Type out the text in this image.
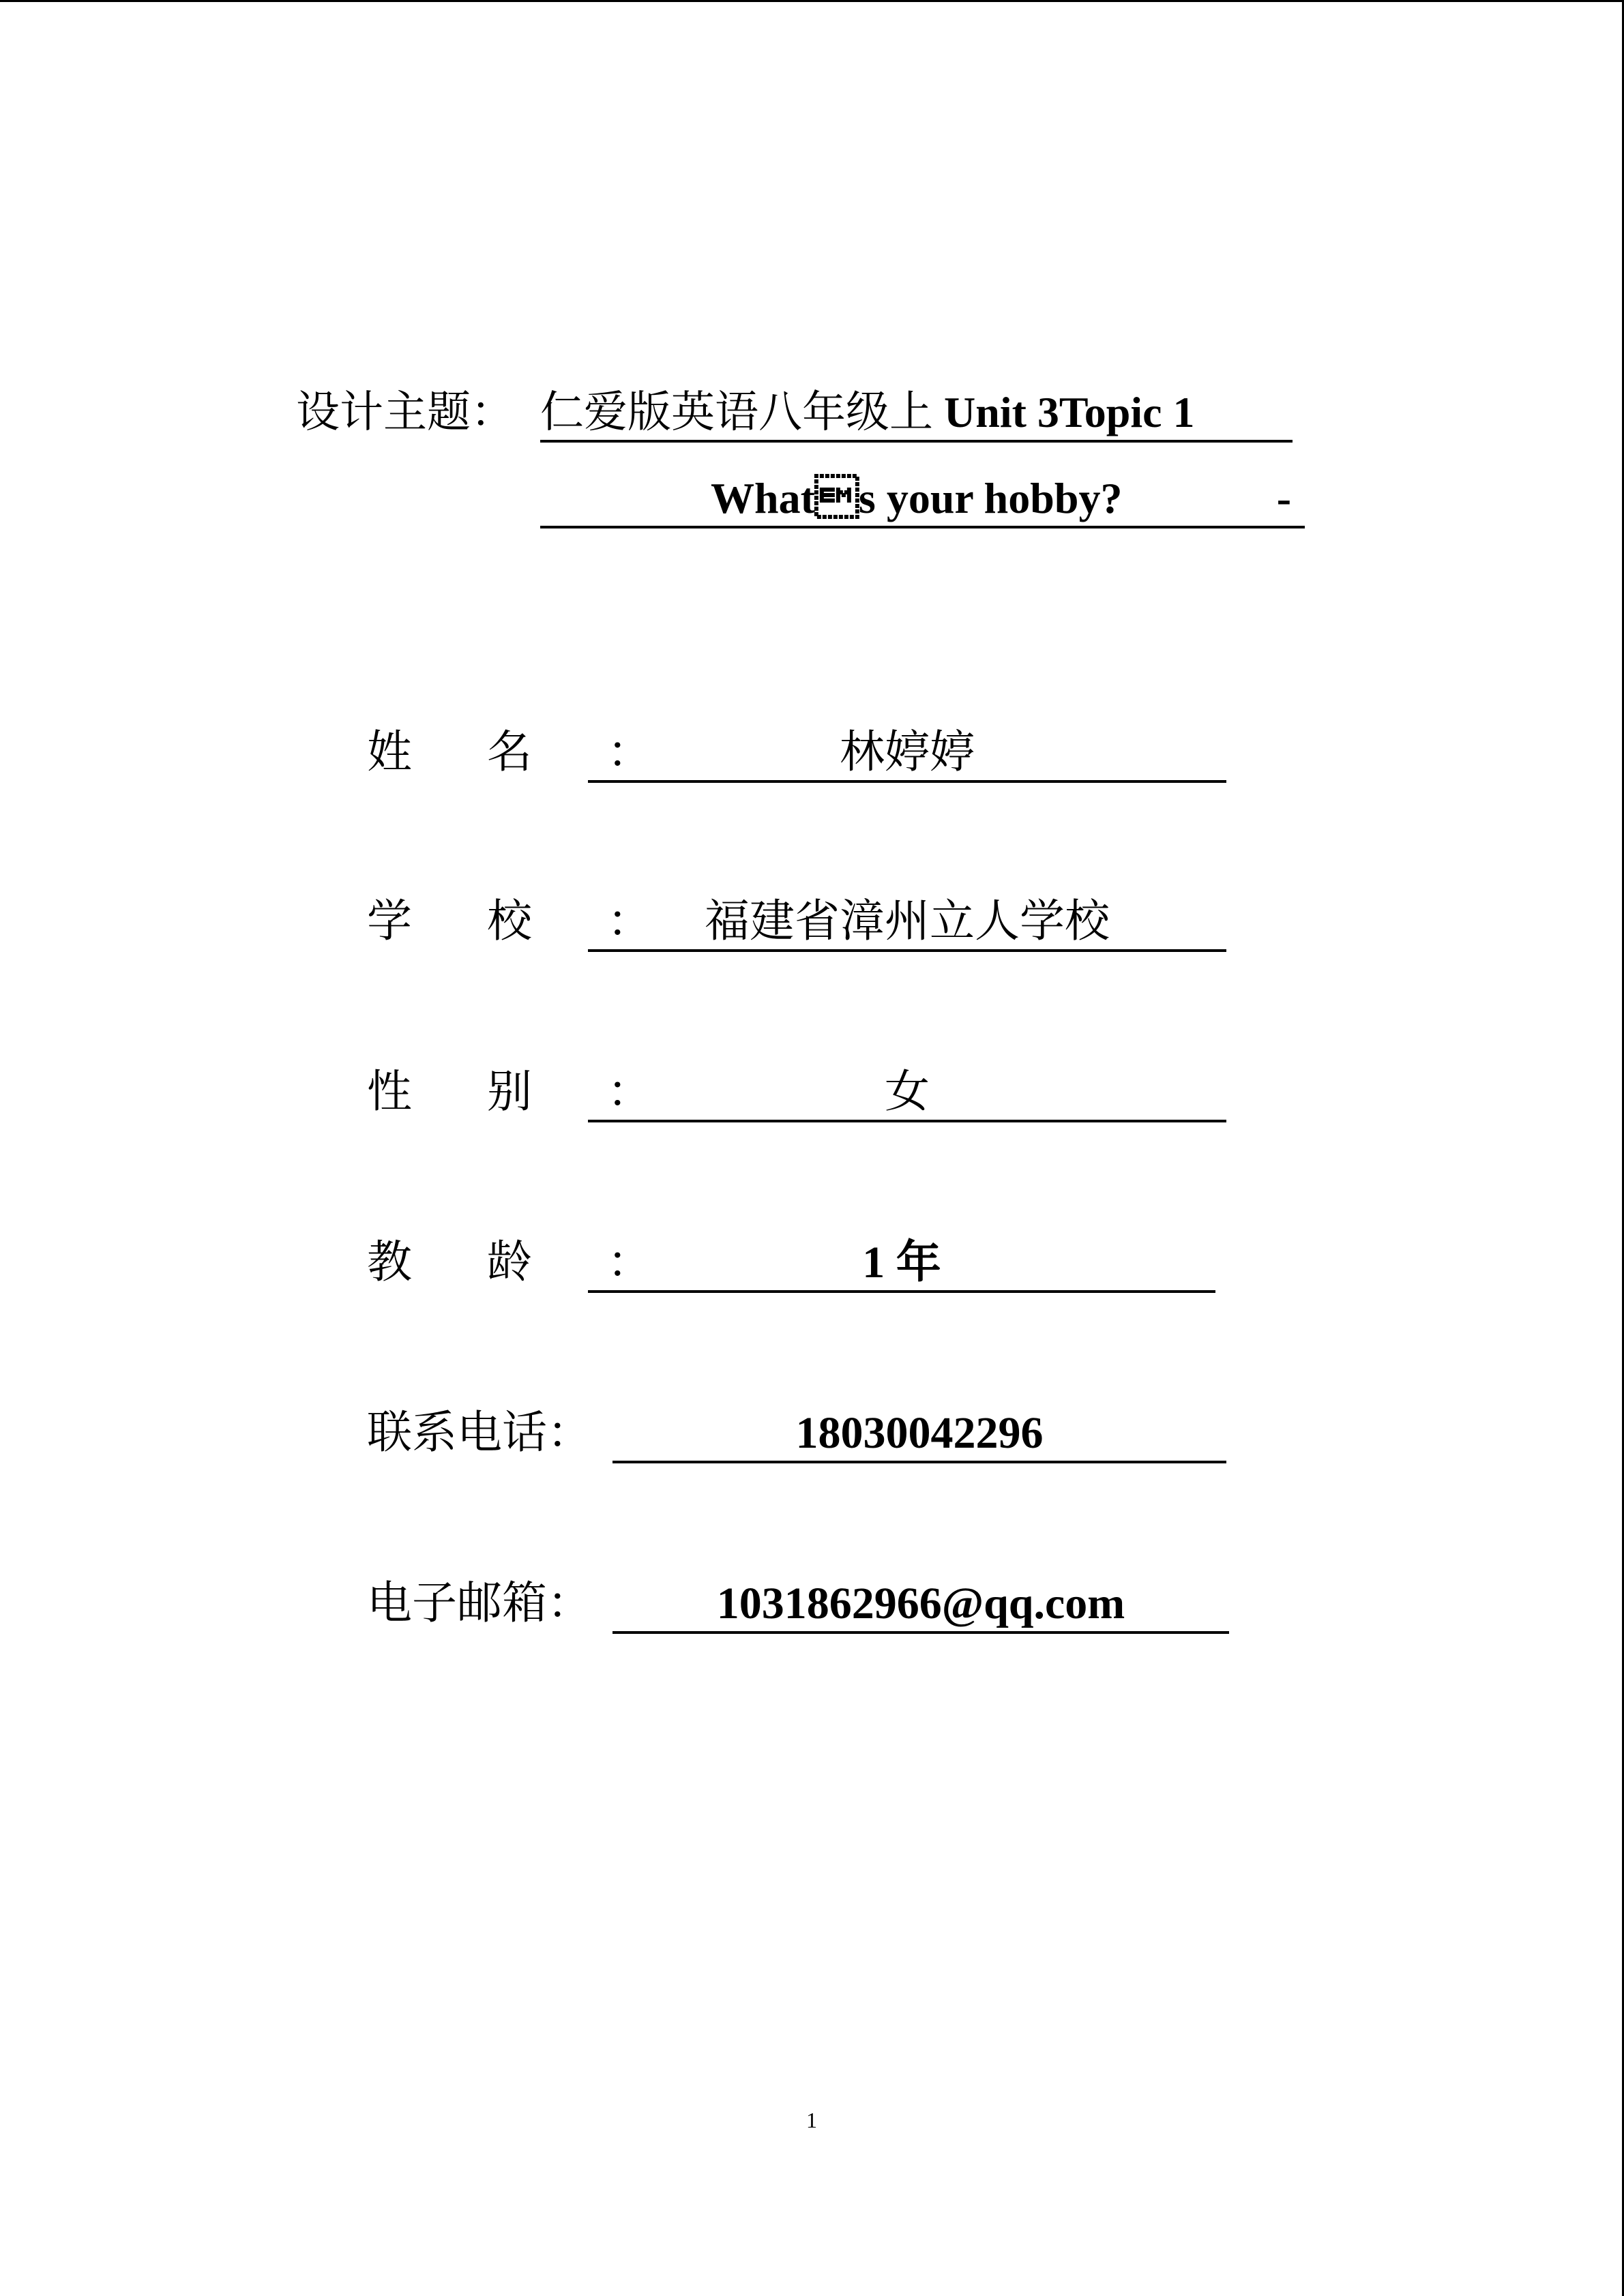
设计主题： 仁爱版英语八年级上 Unit 3Topic 1
Whats your hobby?	-
姓名：	林婷婷
学校：	福建省漳州立人学校
性别：	女
教龄：	1 年
联系电话：	18030042296
电子邮箱：	1031862966@qq.com
1
